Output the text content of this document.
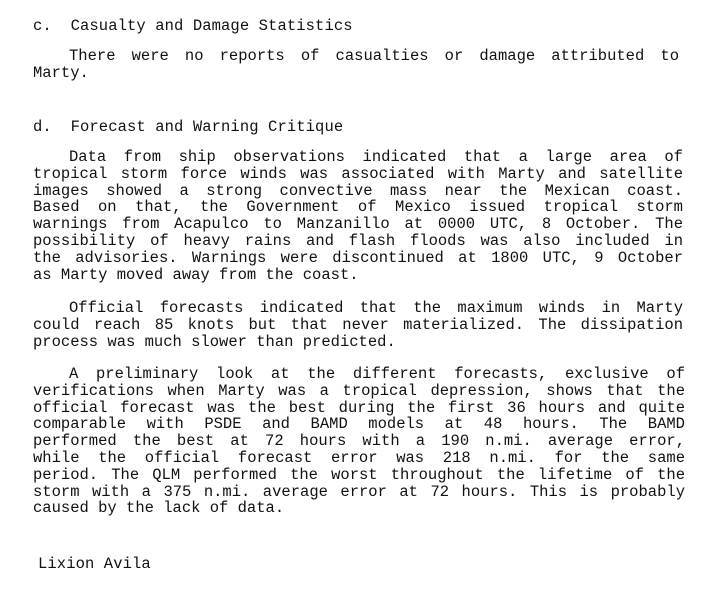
c.  Casualty and Damage Statistics
There were no reports of casualties or damage attributed to
Marty.
d.  Forecast and Warning Critique
Data from ship observations indicated that a large area of
tropical storm force winds was associated with Marty and satellite
images showed a strong convective mass near the Mexican coast.
Based on that, the Government of Mexico issued tropical storm
warnings from Acapulco to Manzanillo at 0000 UTC, 8 October. The
possibility of heavy rains and flash floods was also included in
the advisories. Warnings were discontinued at 1800 UTC, 9 October
as Marty moved away from the coast.
Official forecasts indicated that the maximum winds in Marty
could reach 85 knots but that never materialized. The dissipation
process was much slower than predicted.
A preliminary look at the different forecasts, exclusive of
verifications when Marty was a tropical depression, shows that the
official forecast was the best during the first 36 hours and quite
comparable with PSDE and BAMD models at 48 hours. The BAMD
performed the best at 72 hours with a 190 n.mi. average error,
while the official forecast error was 218 n.mi. for the same
period. The QLM performed the worst throughout the lifetime of the
storm with a 375 n.mi. average error at 72 hours. This is probably
caused by the lack of data.
Lixion Avila
